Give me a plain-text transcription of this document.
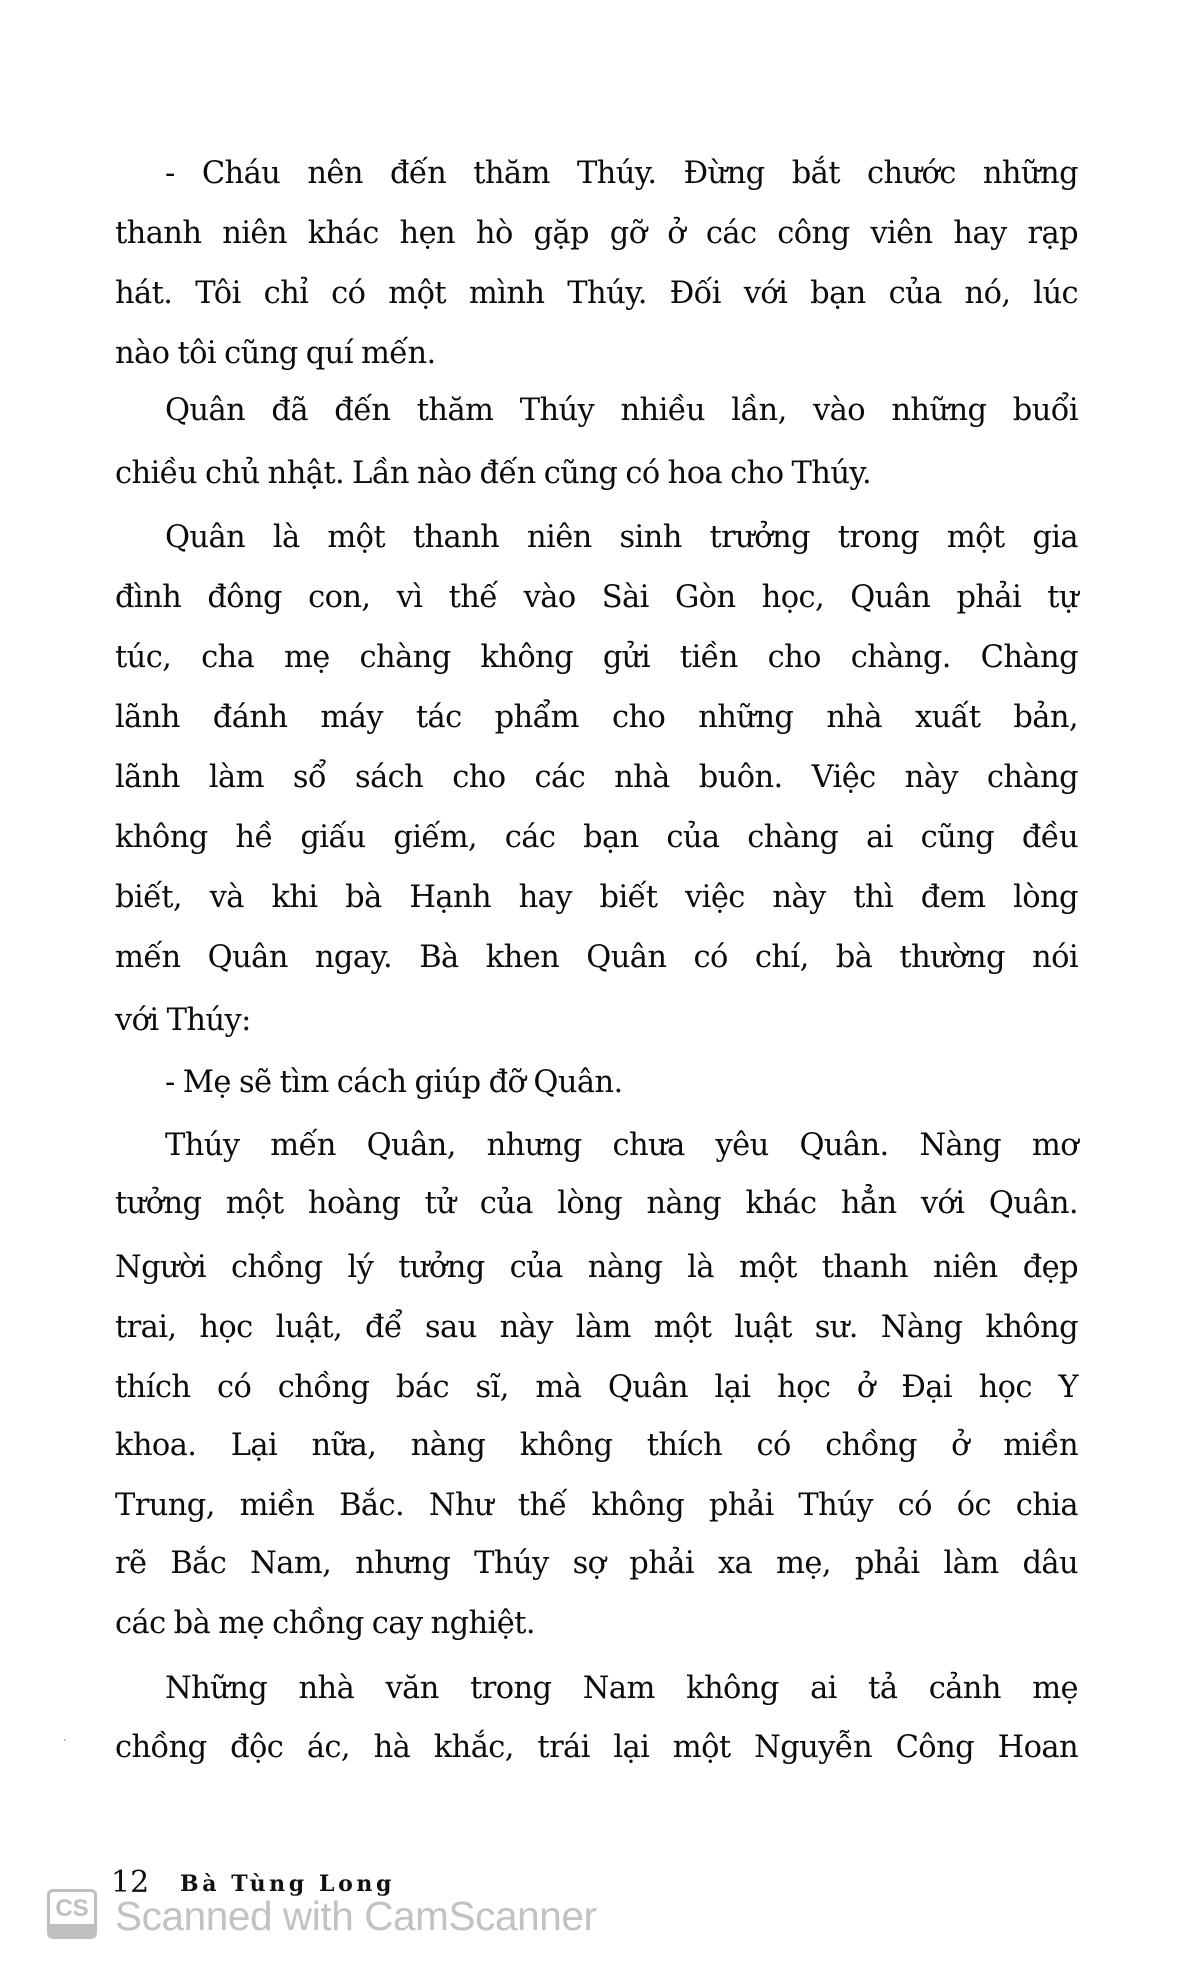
- Cháu nên đến thăm Thúy. Đừng bắt chước những
thanh niên khác hẹn hò gặp gỡ ở các công viên hay rạp
hát. Tôi chỉ có một mình Thúy. Đối với bạn của nó, lúc
nào tôi cũng quí mến.
Quân đã đến thăm Thúy nhiều lần, vào những buổi
chiều chủ nhật. Lần nào đến cũng có hoa cho Thúy.
Quân là một thanh niên sinh trưởng trong một gia
đình đông con, vì thế vào Sài Gòn học, Quân phải tự
túc, cha mẹ chàng không gửi tiền cho chàng. Chàng
lãnh đánh máy tác phẩm cho những nhà xuất bản,
lãnh làm sổ sách cho các nhà buôn. Việc này chàng
không hề giấu giếm, các bạn của chàng ai cũng đều
biết, và khi bà Hạnh hay biết việc này thì đem lòng
mến Quân ngay. Bà khen Quân có chí, bà thường nói
với Thúy:
- Mẹ sẽ tìm cách giúp đỡ Quân.
Thúy mến Quân, nhưng chưa yêu Quân. Nàng mơ
tưởng một hoàng tử của lòng nàng khác hẳn với Quân.
Người chồng lý tưởng của nàng là một thanh niên đẹp
trai, học luật, để sau này làm một luật sư. Nàng không
thích có chồng bác sĩ, mà Quân lại học ở Đại học Y
khoa. Lại nữa, nàng không thích có chồng ở miền
Trung, miền Bắc. Như thế không phải Thúy có óc chia
rẽ Bắc Nam, nhưng Thúy sợ phải xa mẹ, phải làm dâu
các bà mẹ chồng cay nghiệt.
Những nhà văn trong Nam không ai tả cảnh mẹ
chồng độc ác, hà khắc, trái lại một Nguyễn Công Hoan
12 Bà Tùng Long
CS Scanned with CamScanner
